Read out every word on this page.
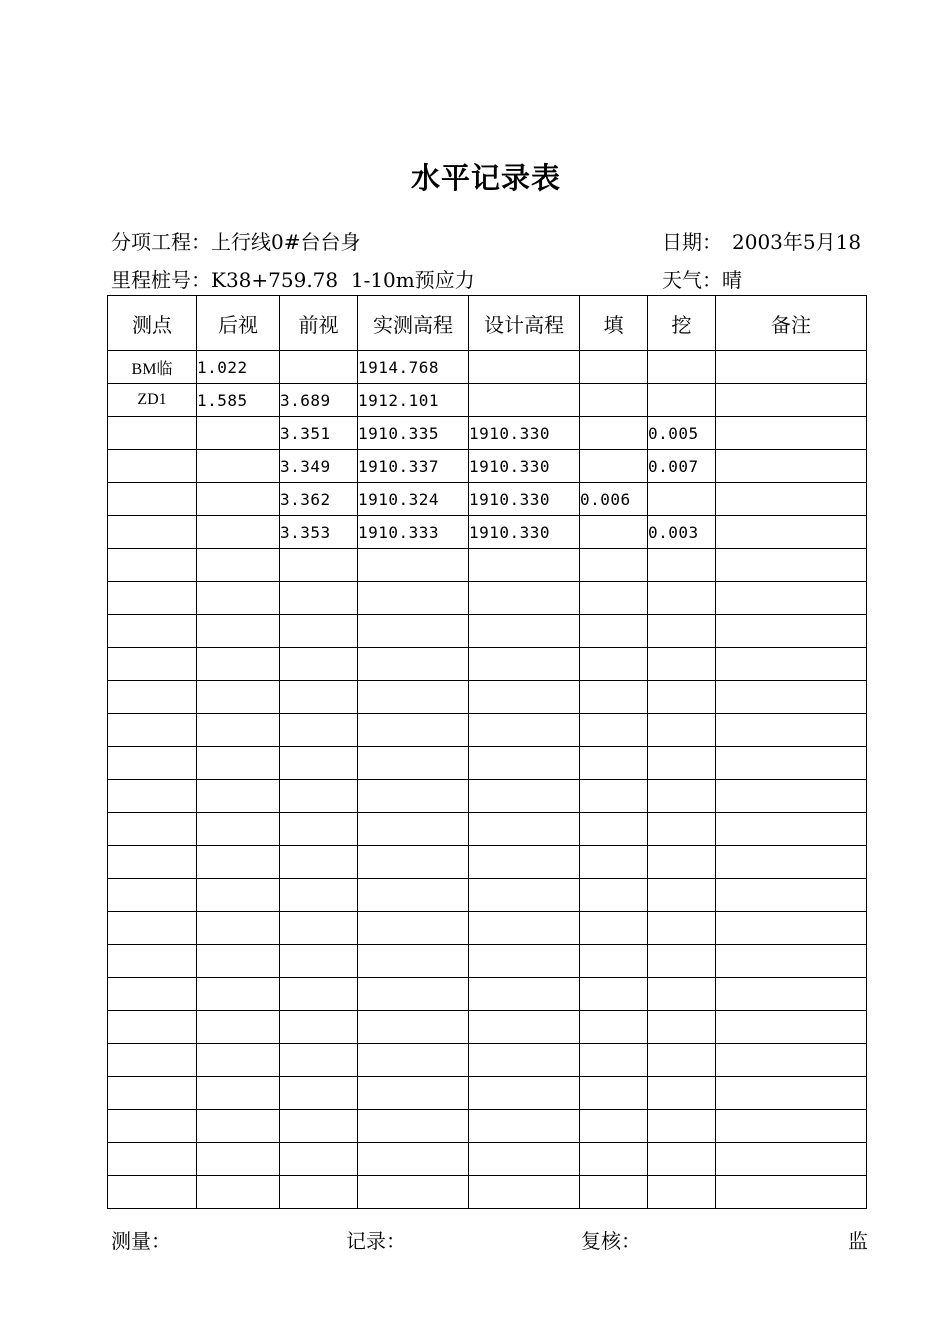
水平记录表
分项工程：上行线0#台台身	日期： 2003年5月18
里程桩号：K38+759.78  1-10m预应力	天气：晴
测点	后视	前视	实测高程	设计高程	填	挖	备注
BM临	1.022		1914.768				
ZD1	1.585	3.689	1912.101				
		3.351	1910.335	1910.330		0.005	
		3.349	1910.337	1910.330		0.007	
		3.362	1910.324	1910.330	0.006		
		3.353	1910.333	1910.330		0.003	

测量：	记录：	复核：	监
